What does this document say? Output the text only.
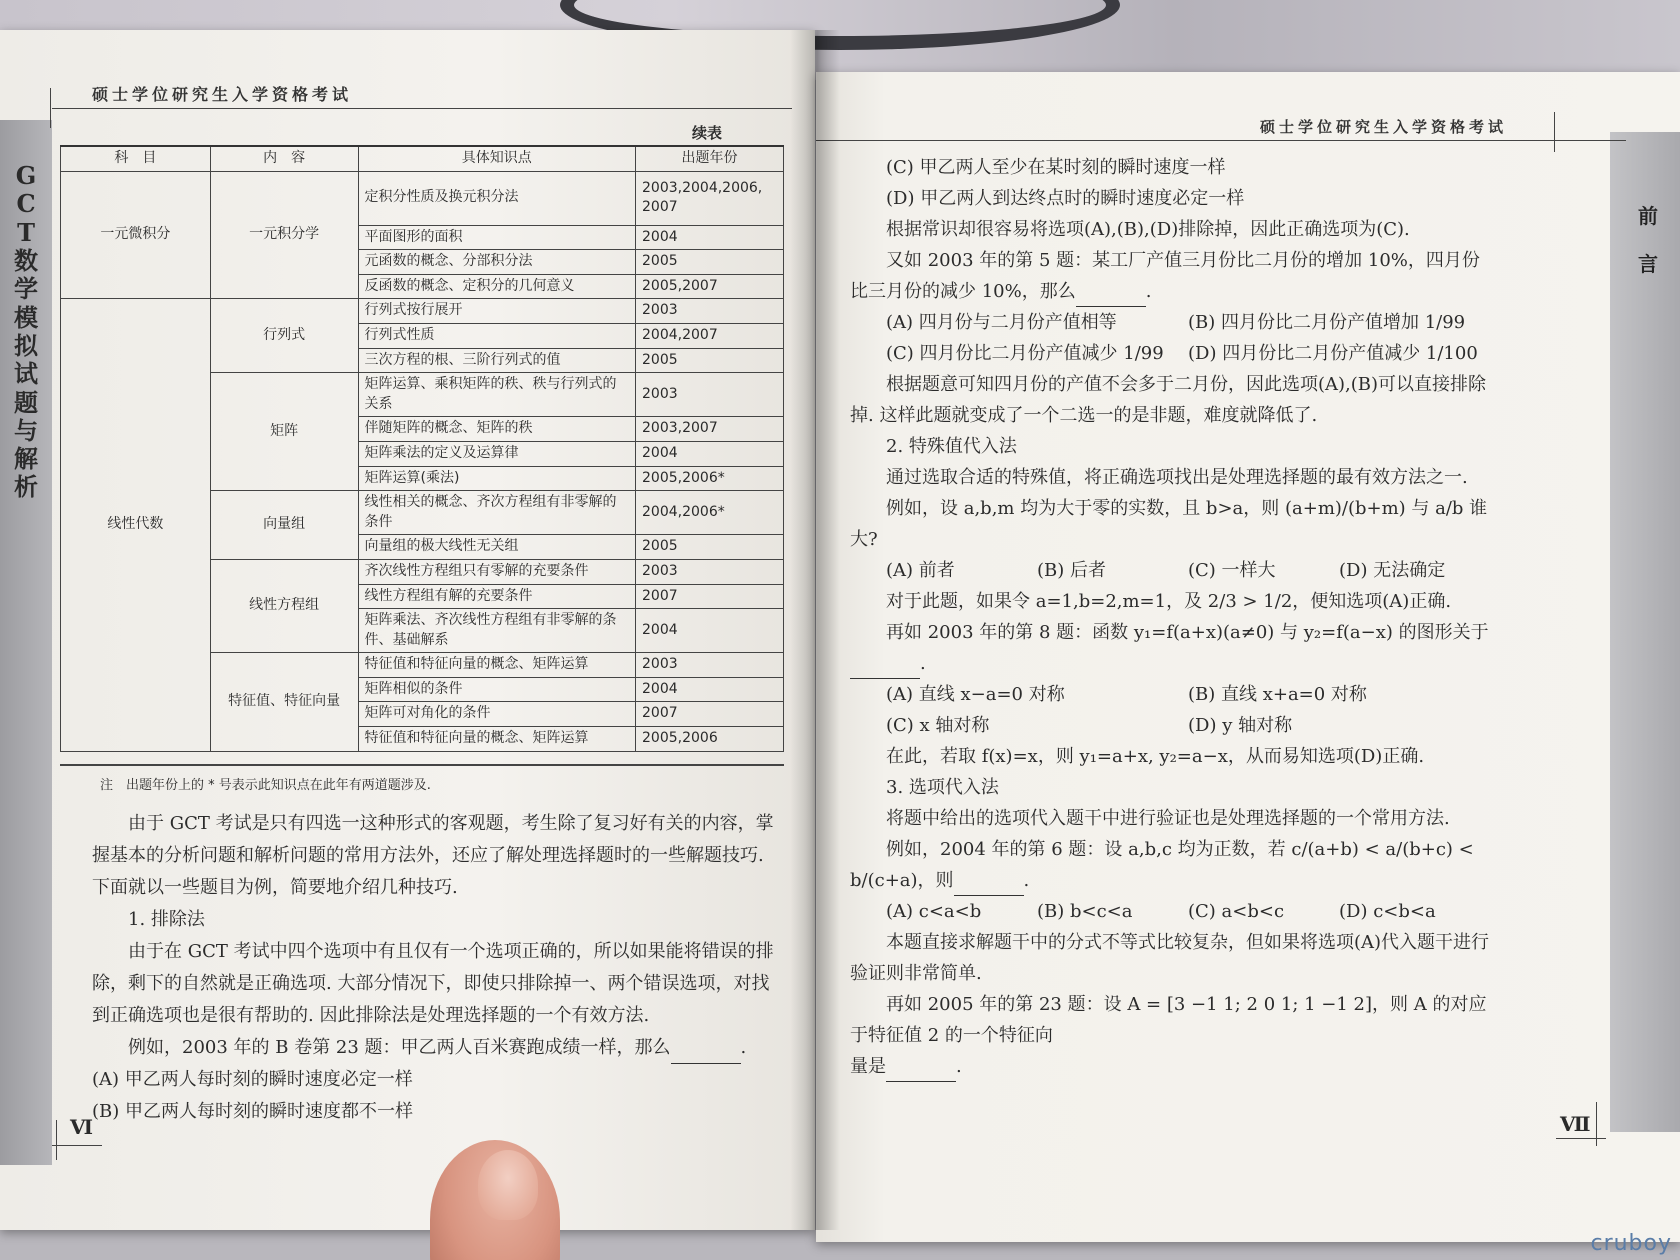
G
C
T
数
学
模
拟
试
题
与
解
析
硕士学位研究生入学资格考试
续表
科　目	内　容	具体知识点	出题年份
一元微积分	一元积分学	定积分性质及换元积分法	2003,2004,2006,
2007
		平面图形的面积	2004
		元函数的概念、分部积分法	2005
		反函数的概念、定积分的几何意义	2005,2007
线性代数	行列式	行列式按行展开	2003
		行列式性质	2004,2007
		三次方程的根、三阶行列式的值	2005
	矩阵	矩阵运算、乘积矩阵的秩、秩与行列式的关系	2003
		伴随矩阵的概念、矩阵的秩	2003,2007
		矩阵乘法的定义及运算律	2004
		矩阵运算(乘法)	2005,2006*
	向量组	线性相关的概念、齐次方程组有非零解的条件	2004,2006*
		向量组的极大线性无关组	2005
	线性方程组	齐次线性方程组只有零解的充要条件	2003
		线性方程组有解的充要条件	2007
		矩阵乘法、齐次线性方程组有非零解的条件、基础解系	2004
	特征值、特征向量	特征值和特征向量的概念、矩阵运算	2003
		矩阵相似的条件	2004
		矩阵可对角化的条件	2007
		特征值和特征向量的概念、矩阵运算	2005,2006
注　出题年份上的 * 号表示此知识点在此年有两道题涉及.

由于 GCT 考试是只有四选一这种形式的客观题，考生除了复习好有关的内容，掌握基本的分析问题和解析问题的常用方法外，还应了解处理选择题时的一些解题技巧. 下面就以一些题目为例，简要地介绍几种技巧.

1. 排除法

由于在 GCT 考试中四个选项中有且仅有一个选项正确的，所以如果能将错误的排除，剩下的自然就是正确选项. 大部分情况下，即使只排除掉一、两个错误选项，对找到正确选项也是很有帮助的. 因此排除法是处理选择题的一个有效方法.

例如，2003 年的 B 卷第 23 题：甲乙两人百米赛跑成绩一样，那么	.

(A) 甲乙两人每时刻的瞬时速度必定一样

(B) 甲乙两人每时刻的瞬时速度都不一样

Ⅵ
前
言
硕士学位研究生入学资格考试

(C) 甲乙两人至少在某时刻的瞬时速度一样

(D) 甲乙两人到达终点时的瞬时速度必定一样

根据常识却很容易将选项(A),(B),(D)排除掉，因此正确选项为(C).

又如 2003 年的第 5 题：某工厂产值三月份比二月份的增加 10%，四月份比三月份的减少 10%，那么	.

(A) 四月份与二月份产值相等	(B) 四月份比二月份产值增加 1/99
(C) 四月份比二月份产值减少 1/99	(D) 四月份比二月份产值减少 1/100

根据题意可知四月份的产值不会多于二月份，因此选项(A),(B)可以直接排除掉. 这样此题就变成了一个二选一的是非题，难度就降低了.

2. 特殊值代入法

通过选取合适的特殊值，将正确选项找出是处理选择题的最有效方法之一.

例如，设 a,b,m 均为大于零的实数，且 b>a，则 (a+m)/(b+m) 与 a/b 谁大?

(A) 前者	(B) 后者	(C) 一样大	(D) 无法确定

对于此题，如果令 a=1,b=2,m=1，及 2/3 > 1/2，便知选项(A)正确.

再如 2003 年的第 8 题：函数 y₁=f(a+x)(a≠0) 与 y₂=f(a−x) 的图形关于.

(A) 直线 x−a=0 对称	(B) 直线 x+a=0 对称
(C) x 轴对称	(D) y 轴对称

在此，若取 f(x)=x，则 y₁=a+x, y₂=a−x，从而易知选项(D)正确.

3. 选项代入法

将题中给出的选项代入题干中进行验证也是处理选择题的一个常用方法.

例如，2004 年的第 6 题：设 a,b,c 均为正数，若 c/(a+b) < a/(b+c) < b/(c+a)，则	.

(A) c<a<b	(B) b<c<a	(C) a<b<c	(D) c<b<a

本题直接求解题干中的分式不等式比较复杂，但如果将选项(A)代入题干进行验证则非常简单.

再如 2005 年的第 23 题：设 A = [3 −1 1; 2 0 1; 1 −1 2]，则 A 的对应于特征值 2 的一个特征向

量是	.

Ⅶ
cruboy
